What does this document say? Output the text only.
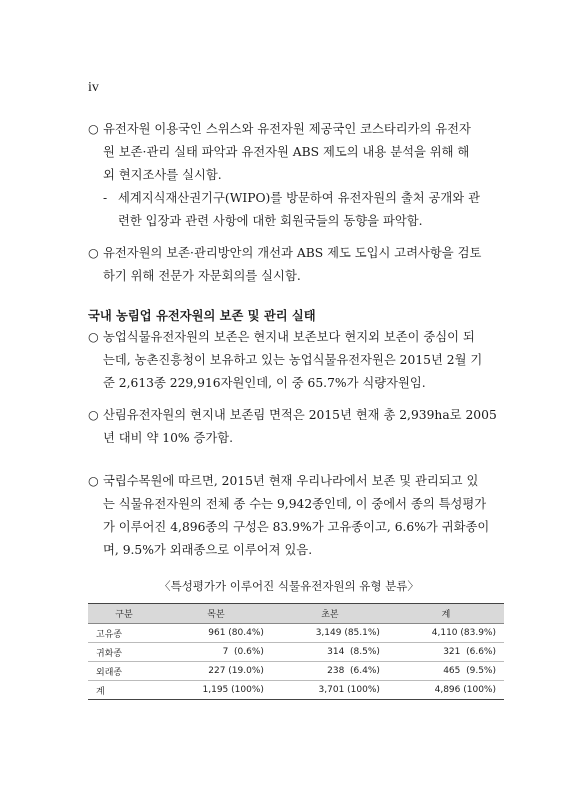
iv
○ 유전자원 이용국인 스위스와 유전자원 제공국인 코스타리카의 유전자
원 보존·관리 실태 파악과 유전자원 ABS 제도의 내용 분석을 위해 해
외 현지조사를 실시함.
- 세계지식재산권기구(WIPO)를 방문하여 유전자원의 출처 공개와 관
련한 입장과 관련 사항에 대한 회원국들의 동향을 파악함.
○ 유전자원의 보존·관리방안의 개선과 ABS 제도 도입시 고려사항을 검토
하기 위해 전문가 자문회의를 실시함.
국내 농림업 유전자원의 보존 및 관리 실태
○ 농업식물유전자원의 보존은 현지내 보존보다 현지외 보존이 중심이 되
는데, 농촌진흥청이 보유하고 있는 농업식물유전자원은 2015년 2월 기
준 2,613종 229,916자원인데, 이 중 65.7%가 식량자원임.
○ 산림유전자원의 현지내 보존림 면적은 2015년 현재 총 2,939ha로 2005
년 대비 약 10% 증가함.
○ 국립수목원에 따르면, 2015년 현재 우리나라에서 보존 및 관리되고 있
는 식물유전자원의 전체 종 수는 9,942종인데, 이 중에서 종의 특성평가
가 이루어진 4,896종의 구성은 83.9%가 고유종이고, 6.6%가 귀화종이
며, 9.5%가 외래종으로 이루어져 있음.
〈특성평가가 이루어진 식물유전자원의 유형 분류〉
구분	목본	초본	계
고유종	961 (80.4%)	3,149 (85.1%)	4,110 (83.9%)
귀화종	7  (0.6%)	314  (8.5%)	321  (6.6%)
외래종	227 (19.0%)	238  (6.4%)	465  (9.5%)
계	1,195 (100%)	3,701 (100%)	4,896 (100%)
